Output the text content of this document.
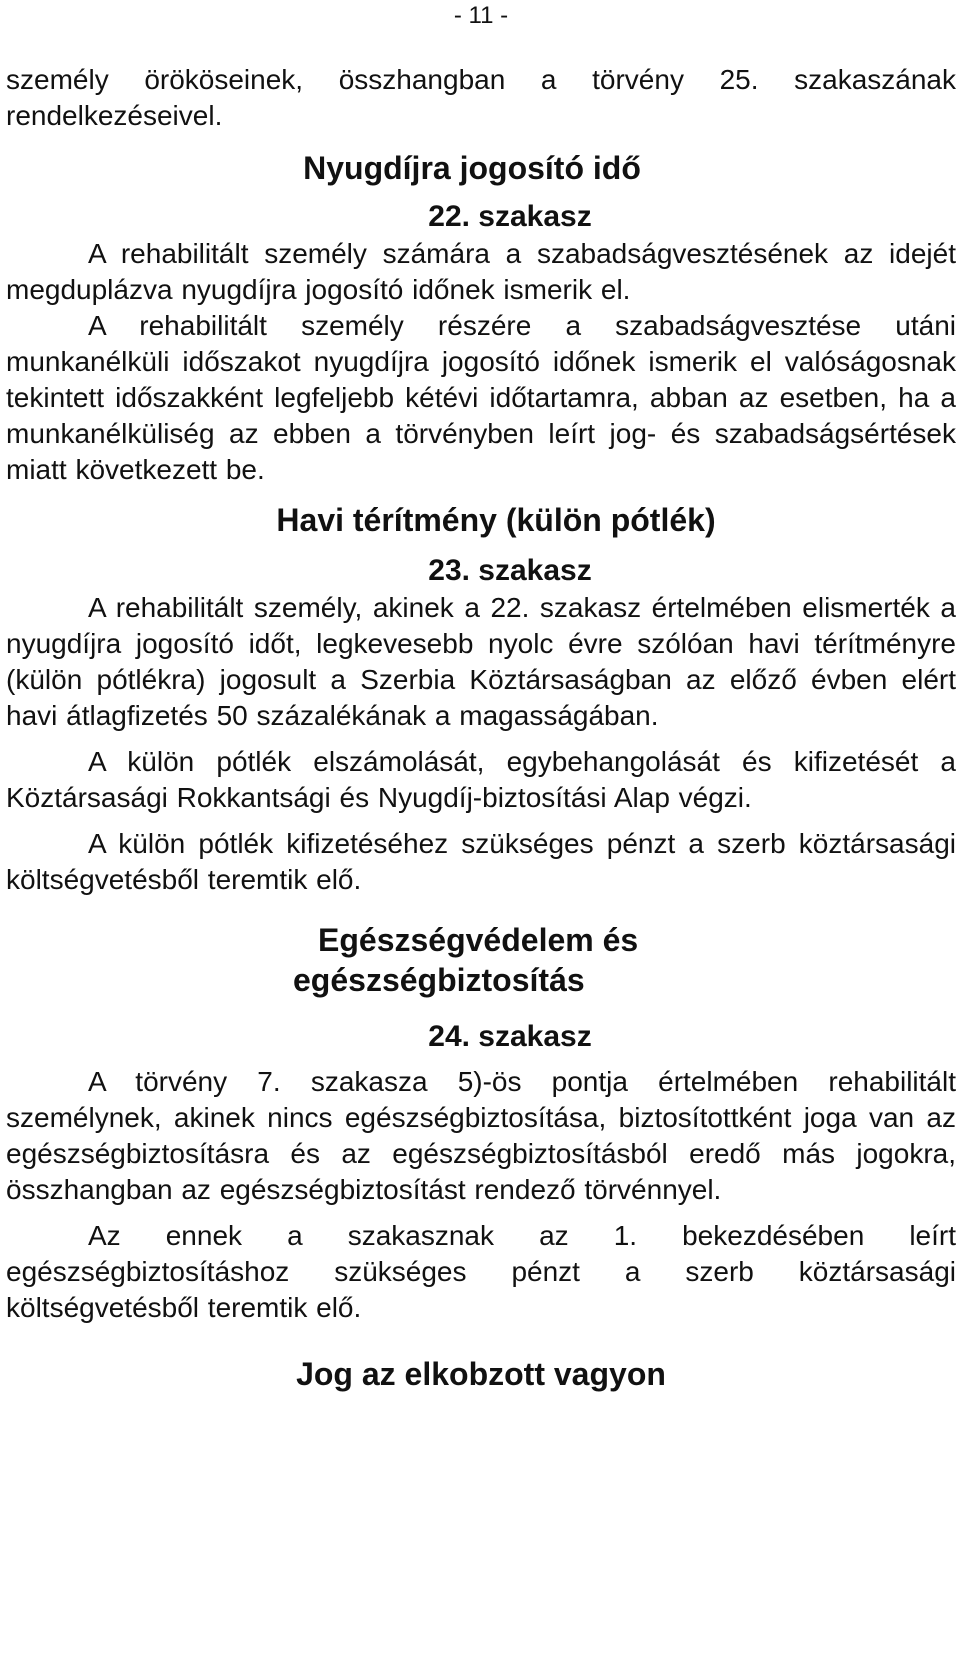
- 11 -

személy örököseinek, összhangban a törvény 25. szakaszának rendelkezéseivel.

Nyugdíjra jogosító idő
22. szakasz

A rehabilitált személy számára a szabadságvesztésének az idejét megduplázva nyugdíjra jogosító időnek ismerik el.

A rehabilitált személy részére a szabadságvesztése utáni munkanélküli időszakot nyugdíjra jogosító időnek ismerik el valóságosnak tekintett időszakként legfeljebb kétévi időtartamra, abban az esetben, ha a munkanélküliség az ebben a törvényben leírt jog- és szabadságsértések miatt következett be.

Havi térítmény (külön pótlék)
23. szakasz

A rehabilitált személy, akinek a 22. szakasz értelmében elismerték a nyugdíjra jogosító időt, legkevesebb nyolc évre szólóan havi térítményre (külön pótlékra) jogosult a Szerbia Köztársaságban az előző évben elért havi átlagfizetés 50 százalékának a magasságában.

A külön pótlék elszámolását, egybehangolását és kifizetését a Köztársasági Rokkantsági és Nyugdíj-biztosítási Alap végzi.

A külön pótlék kifizetéséhez szükséges pénzt a szerb köztársasági költségvetésből teremtik elő.

Egészségvédelem és
egészségbiztosítás
24. szakasz

A törvény 7. szakasza 5)-ös pontja értelmében rehabilitált személynek, akinek nincs egészségbiztosítása, biztosítottként joga van az egészségbiztosításra és az egészségbiztosításból eredő más jogokra, összhangban az egészségbiztosítást rendező törvénnyel.

Az ennek a szakasznak az 1. bekezdésében leírt egészségbiztosításhoz szükséges pénzt a szerb köztársasági költségvetésből teremtik elő.

Jog az elkobzott vagyon
